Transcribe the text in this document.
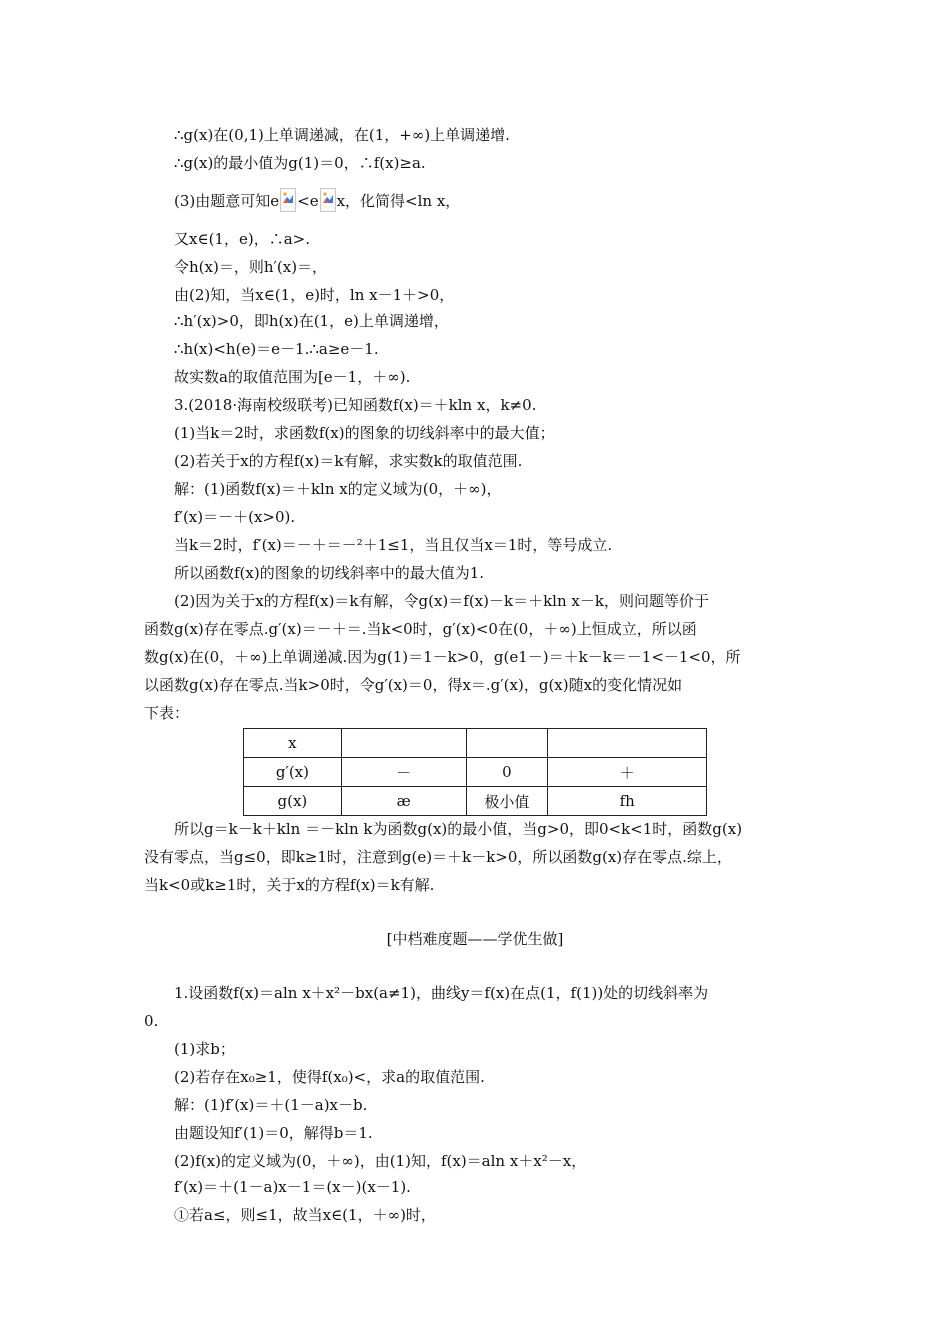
∴g(x)在(0,1)上单调递减，在(1，+∞)上单调递增.
∴g(x)的最小值为g(1)＝0，∴f(x)≥a.
(3)由题意可知e <e x，化简得<ln x，
又x∈(1，e)，∴a>.
令h(x)＝，则h′(x)＝，
由(2)知，当x∈(1，e)时，ln x－1＋>0，
∴h′(x)>0，即h(x)在(1，e)上单调递增，
∴h(x)<h(e)＝e－1.∴a≥e－1.
故实数a的取值范围为[e－1，＋∞).
3.(2018·海南校级联考)已知函数f(x)＝＋kln x，k≠0.
(1)当k＝2时，求函数f(x)的图象的切线斜率中的最大值；
(2)若关于x的方程f(x)＝k有解，求实数k的取值范围.
解：(1)函数f(x)＝＋kln x的定义域为(0，＋∞)，
f′(x)＝－＋(x>0).
当k＝2时，f′(x)＝－＋＝－²＋1≤1，当且仅当x＝1时，等号成立.
所以函数f(x)的图象的切线斜率中的最大值为1.
(2)因为关于x的方程f(x)＝k有解，令g(x)＝f(x)－k＝＋kln x－k，则问题等价于
函数g(x)存在零点.g′(x)＝－＋＝.当k<0时，g′(x)<0在(0，＋∞)上恒成立，所以函
数g(x)在(0，＋∞)上单调递减.因为g(1)＝1－k>0，g(e1－)＝＋k－k＝－1<－1<0，所
以函数g(x)存在零点.当k>0时，令g′(x)＝0，得x＝.g′(x)，g(x)随x的变化情况如
下表：
x			
g′(x)	－	0	＋
g(x)	æ	极小值	fh
所以g＝k－k＋kln ＝－kln k为函数g(x)的最小值，当g>0，即0<k<1时，函数g(x)
没有零点，当g≤0，即k≥1时，注意到g(e)＝＋k－k>0，所以函数g(x)存在零点.综上，
当k<0或k≥1时，关于x的方程f(x)＝k有解.
[中档难度题——学优生做]
1.设函数f(x)＝aln x＋x²－bx(a≠1)，曲线y＝f(x)在点(1，f(1))处的切线斜率为
0.
(1)求b；
(2)若存在x₀≥1，使得f(x₀)<，求a的取值范围.
解：(1)f′(x)＝＋(1－a)x－b.
由题设知f′(1)＝0，解得b＝1.
(2)f(x)的定义域为(0，＋∞)，由(1)知，f(x)＝aln x＋x²－x，
f′(x)＝＋(1－a)x－1＝(x－)(x－1).
①若a≤，则≤1，故当x∈(1，＋∞)时，
